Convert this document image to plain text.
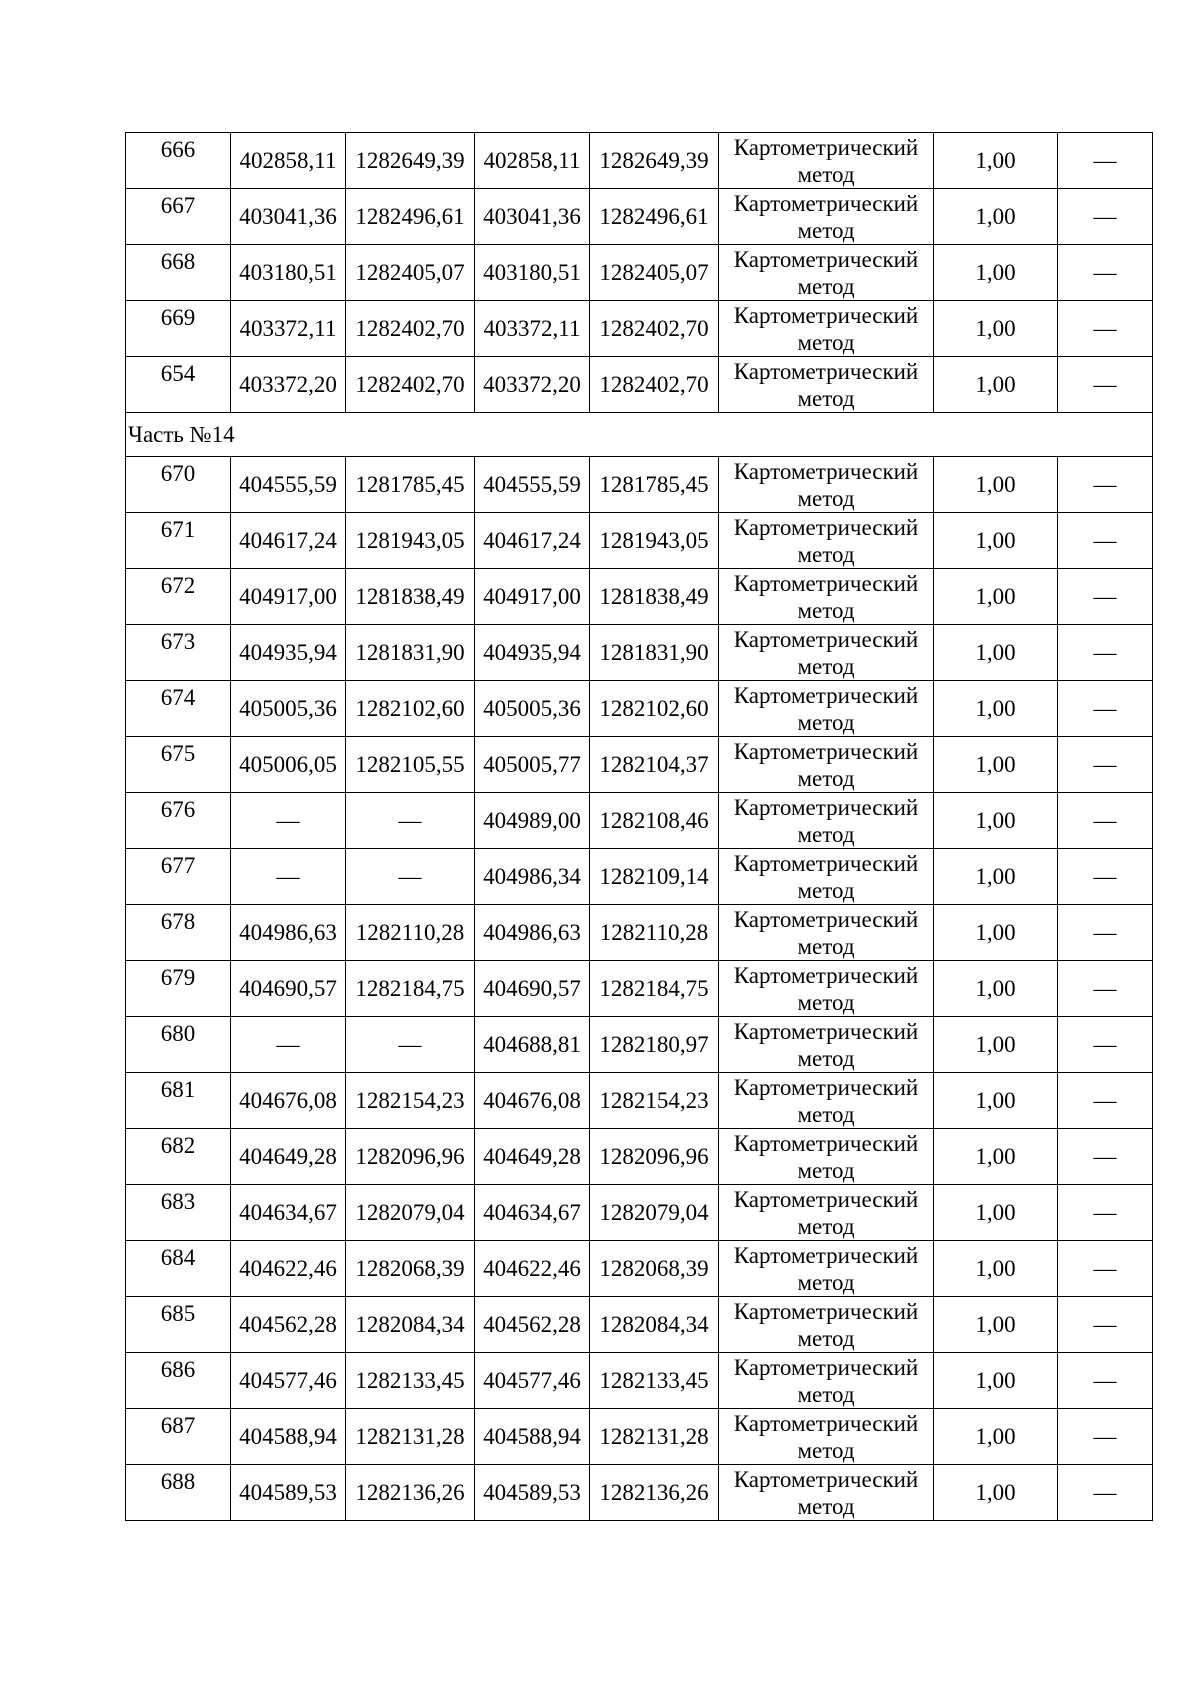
666	402858,11	1282649,39	402858,11	1282649,39	Картометрический метод	1,00	—
667	403041,36	1282496,61	403041,36	1282496,61	Картометрический метод	1,00	—
668	403180,51	1282405,07	403180,51	1282405,07	Картометрический метод	1,00	—
669	403372,11	1282402,70	403372,11	1282402,70	Картометрический метод	1,00	—
654	403372,20	1282402,70	403372,20	1282402,70	Картометрический метод	1,00	—
Часть №14							
670	404555,59	1281785,45	404555,59	1281785,45	Картометрический метод	1,00	—
671	404617,24	1281943,05	404617,24	1281943,05	Картометрический метод	1,00	—
672	404917,00	1281838,49	404917,00	1281838,49	Картометрический метод	1,00	—
673	404935,94	1281831,90	404935,94	1281831,90	Картометрический метод	1,00	—
674	405005,36	1282102,60	405005,36	1282102,60	Картометрический метод	1,00	—
675	405006,05	1282105,55	405005,77	1282104,37	Картометрический метод	1,00	—
676	—	—	404989,00	1282108,46	Картометрический метод	1,00	—
677	—	—	404986,34	1282109,14	Картометрический метод	1,00	—
678	404986,63	1282110,28	404986,63	1282110,28	Картометрический метод	1,00	—
679	404690,57	1282184,75	404690,57	1282184,75	Картометрический метод	1,00	—
680	—	—	404688,81	1282180,97	Картометрический метод	1,00	—
681	404676,08	1282154,23	404676,08	1282154,23	Картометрический метод	1,00	—
682	404649,28	1282096,96	404649,28	1282096,96	Картометрический метод	1,00	—
683	404634,67	1282079,04	404634,67	1282079,04	Картометрический метод	1,00	—
684	404622,46	1282068,39	404622,46	1282068,39	Картометрический метод	1,00	—
685	404562,28	1282084,34	404562,28	1282084,34	Картометрический метод	1,00	—
686	404577,46	1282133,45	404577,46	1282133,45	Картометрический метод	1,00	—
687	404588,94	1282131,28	404588,94	1282131,28	Картометрический метод	1,00	—
688	404589,53	1282136,26	404589,53	1282136,26	Картометрический метод	1,00	—
